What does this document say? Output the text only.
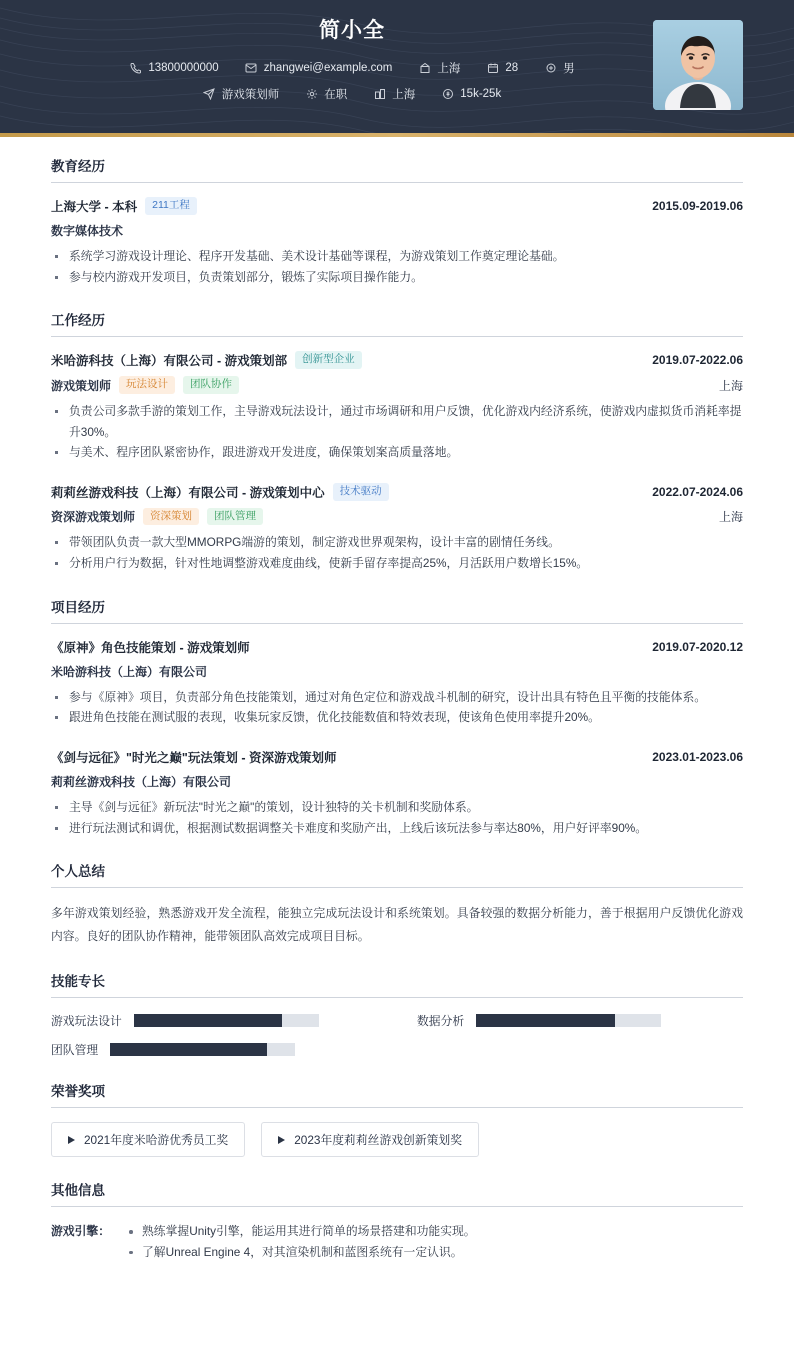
简小全
13800000000	zhangwei@example.com	上海	28	男
游戏策划师	在职	上海	15k-25k
教育经历
上海大学 - 本科	211工程	2015.09-2019.06
数字媒体技术
系统学习游戏设计理论、程序开发基础、美术设计基础等课程，为游戏策划工作奠定理论基础。
参与校内游戏开发项目，负责策划部分，锻炼了实际项目操作能力。
工作经历
米哈游科技（上海）有限公司 - 游戏策划部	创新型企业	2019.07-2022.06
游戏策划师	玩法设计	团队协作	上海
负责公司多款手游的策划工作，主导游戏玩法设计，通过市场调研和用户反馈，优化游戏内经济系统，使游戏内虚拟货币消耗率提升30%。
与美术、程序团队紧密协作，跟进游戏开发进度，确保策划案高质量落地。
莉莉丝游戏科技（上海）有限公司 - 游戏策划中心	技术驱动	2022.07-2024.06
资深游戏策划师	资深策划	团队管理	上海
带领团队负责一款大型MMORPG端游的策划，制定游戏世界观架构，设计丰富的剧情任务线。
分析用户行为数据，针对性地调整游戏难度曲线，使新手留存率提高25%，月活跃用户数增长15%。
项目经历
《原神》角色技能策划 - 游戏策划师	2019.07-2020.12
米哈游科技（上海）有限公司
参与《原神》项目，负责部分角色技能策划，通过对角色定位和游戏战斗机制的研究，设计出具有特色且平衡的技能体系。
跟进角色技能在测试服的表现，收集玩家反馈，优化技能数值和特效表现，使该角色使用率提升20%。
《剑与远征》"时光之巅"玩法策划 - 资深游戏策划师	2023.01-2023.06
莉莉丝游戏科技（上海）有限公司
主导《剑与远征》新玩法"时光之巅"的策划，设计独特的关卡机制和奖励体系。
进行玩法测试和调优，根据测试数据调整关卡难度和奖励产出，上线后该玩法参与率达80%，用户好评率90%。
个人总结
多年游戏策划经验，熟悉游戏开发全流程，能独立完成玩法设计和系统策划。具备较强的数据分析能力，善于根据用户反馈优化游戏内容。良好的团队协作精神，能带领团队高效完成项目目标。
技能专长
游戏玩法设计	数据分析
团队管理
荣誉奖项
2021年度米哈游优秀员工奖	2023年度莉莉丝游戏创新策划奖
其他信息
游戏引擎：	熟练掌握Unity引擎，能运用其进行简单的场景搭建和功能实现。
了解Unreal Engine 4，对其渲染机制和蓝图系统有一定认识。
